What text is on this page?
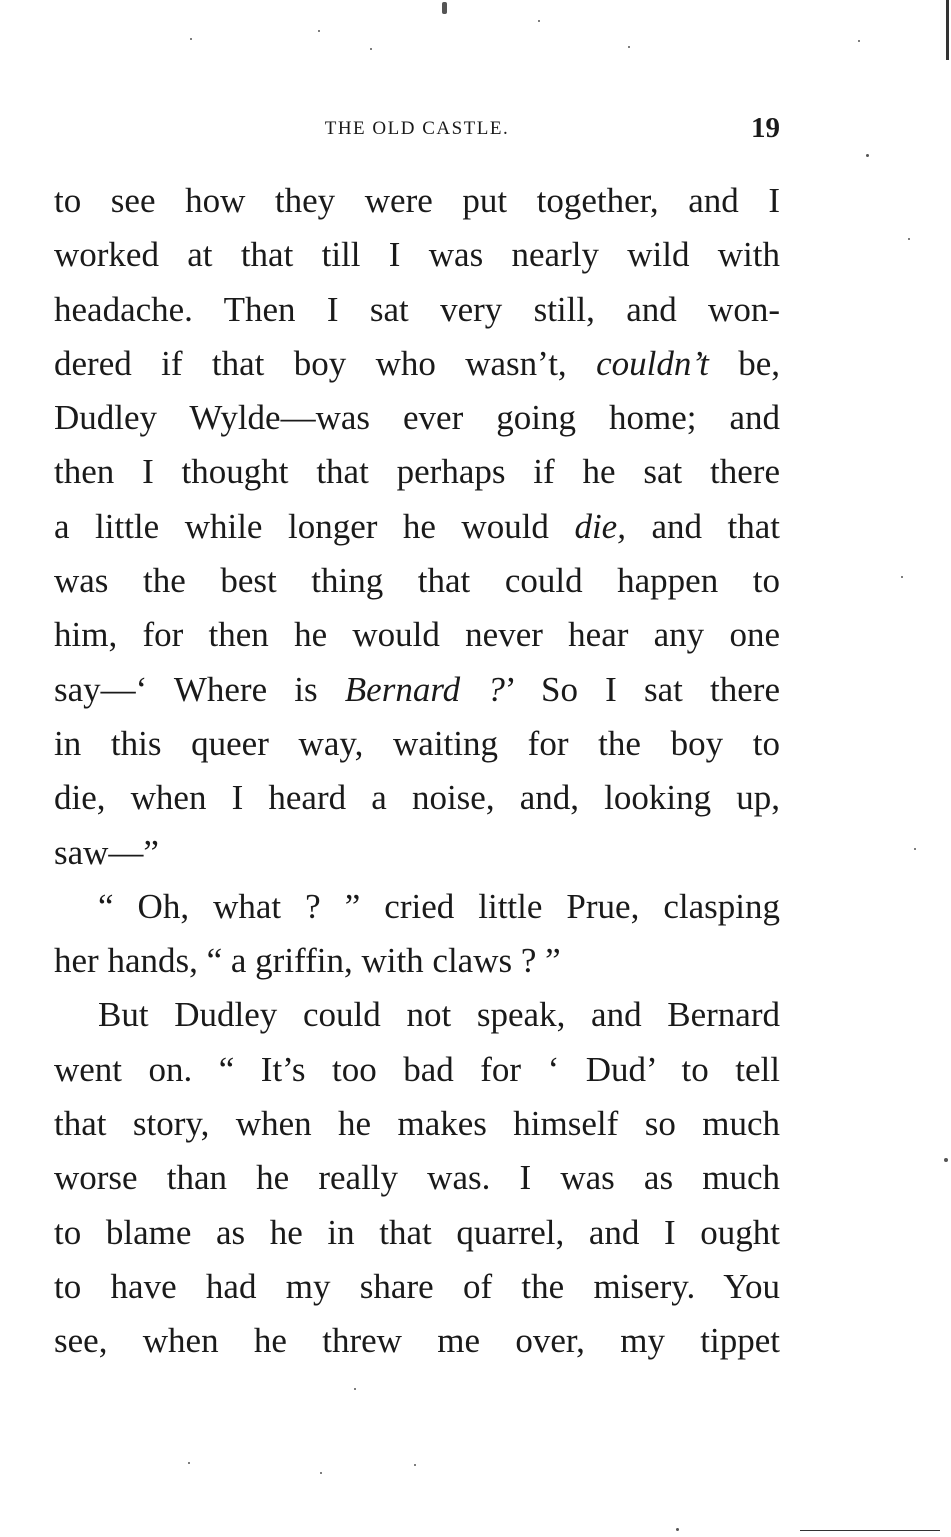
THE OLD CASTLE.	19
to see how they were put together, and I
worked at that till I was nearly wild with
headache. Then I sat very still, and won-
dered if that boy who wasn’t, couldn’t be,
Dudley Wylde—was ever going home; and
then I thought that perhaps if he sat there
a little while longer he would die, and that
was the best thing that could happen to
him, for then he would never hear any one
say—‘ Where is Bernard ?’ So I sat there
in this queer way, waiting for the boy to
die, when I heard a noise, and, looking up,
saw—”
“ Oh, what ? ” cried little Prue, clasping
her hands, “ a griffin, with claws ? ”
But Dudley could not speak, and Bernard
went on. “ It’s too bad for ‘ Dud’ to tell
that story, when he makes himself so much
worse than he really was. I was as much
to blame as he in that quarrel, and I ought
to have had my share of the misery. You
see, when he threw me over, my tippet
